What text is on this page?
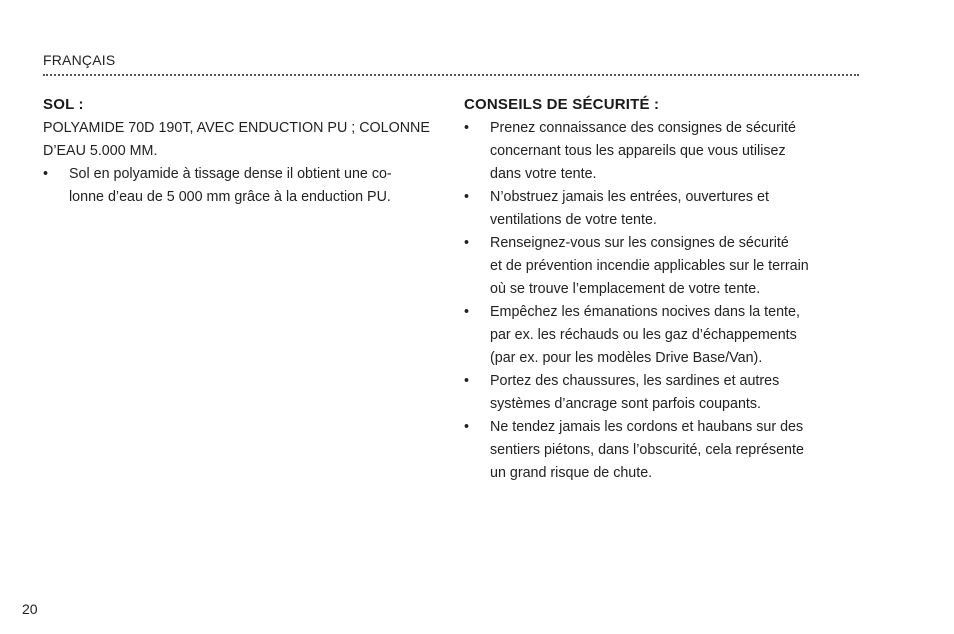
FRANÇAIS
SOL :

POLYAMIDE 70D 190T, AVEC ENDUCTION PU ; COLONNE
D’EAU 5.000 MM.

• Sol en polyamide à tissage dense il obtient une co-
lonne d’eau de 5 000 mm grâce à la enduction PU.
CONSEILS DE SÉCURITÉ :
• Prenez connaissance des consignes de sécurité
concernant tous les appareils que vous utilisez
dans votre tente.
• N’obstruez jamais les entrées, ouvertures et
ventilations de votre tente.
• Renseignez-vous sur les consignes de sécurité
et de prévention incendie applicables sur le terrain
où se trouve l’emplacement de votre tente.
• Empêchez les émanations nocives dans la tente,
par ex. les réchauds ou les gaz d’échappements
(par ex. pour les modèles Drive Base/Van).
• Portez des chaussures, les sardines et autres
systèmes d’ancrage sont parfois coupants.
• Ne tendez jamais les cordons et haubans sur des
sentiers piétons, dans l’obscurité, cela représente
un grand risque de chute.
20
